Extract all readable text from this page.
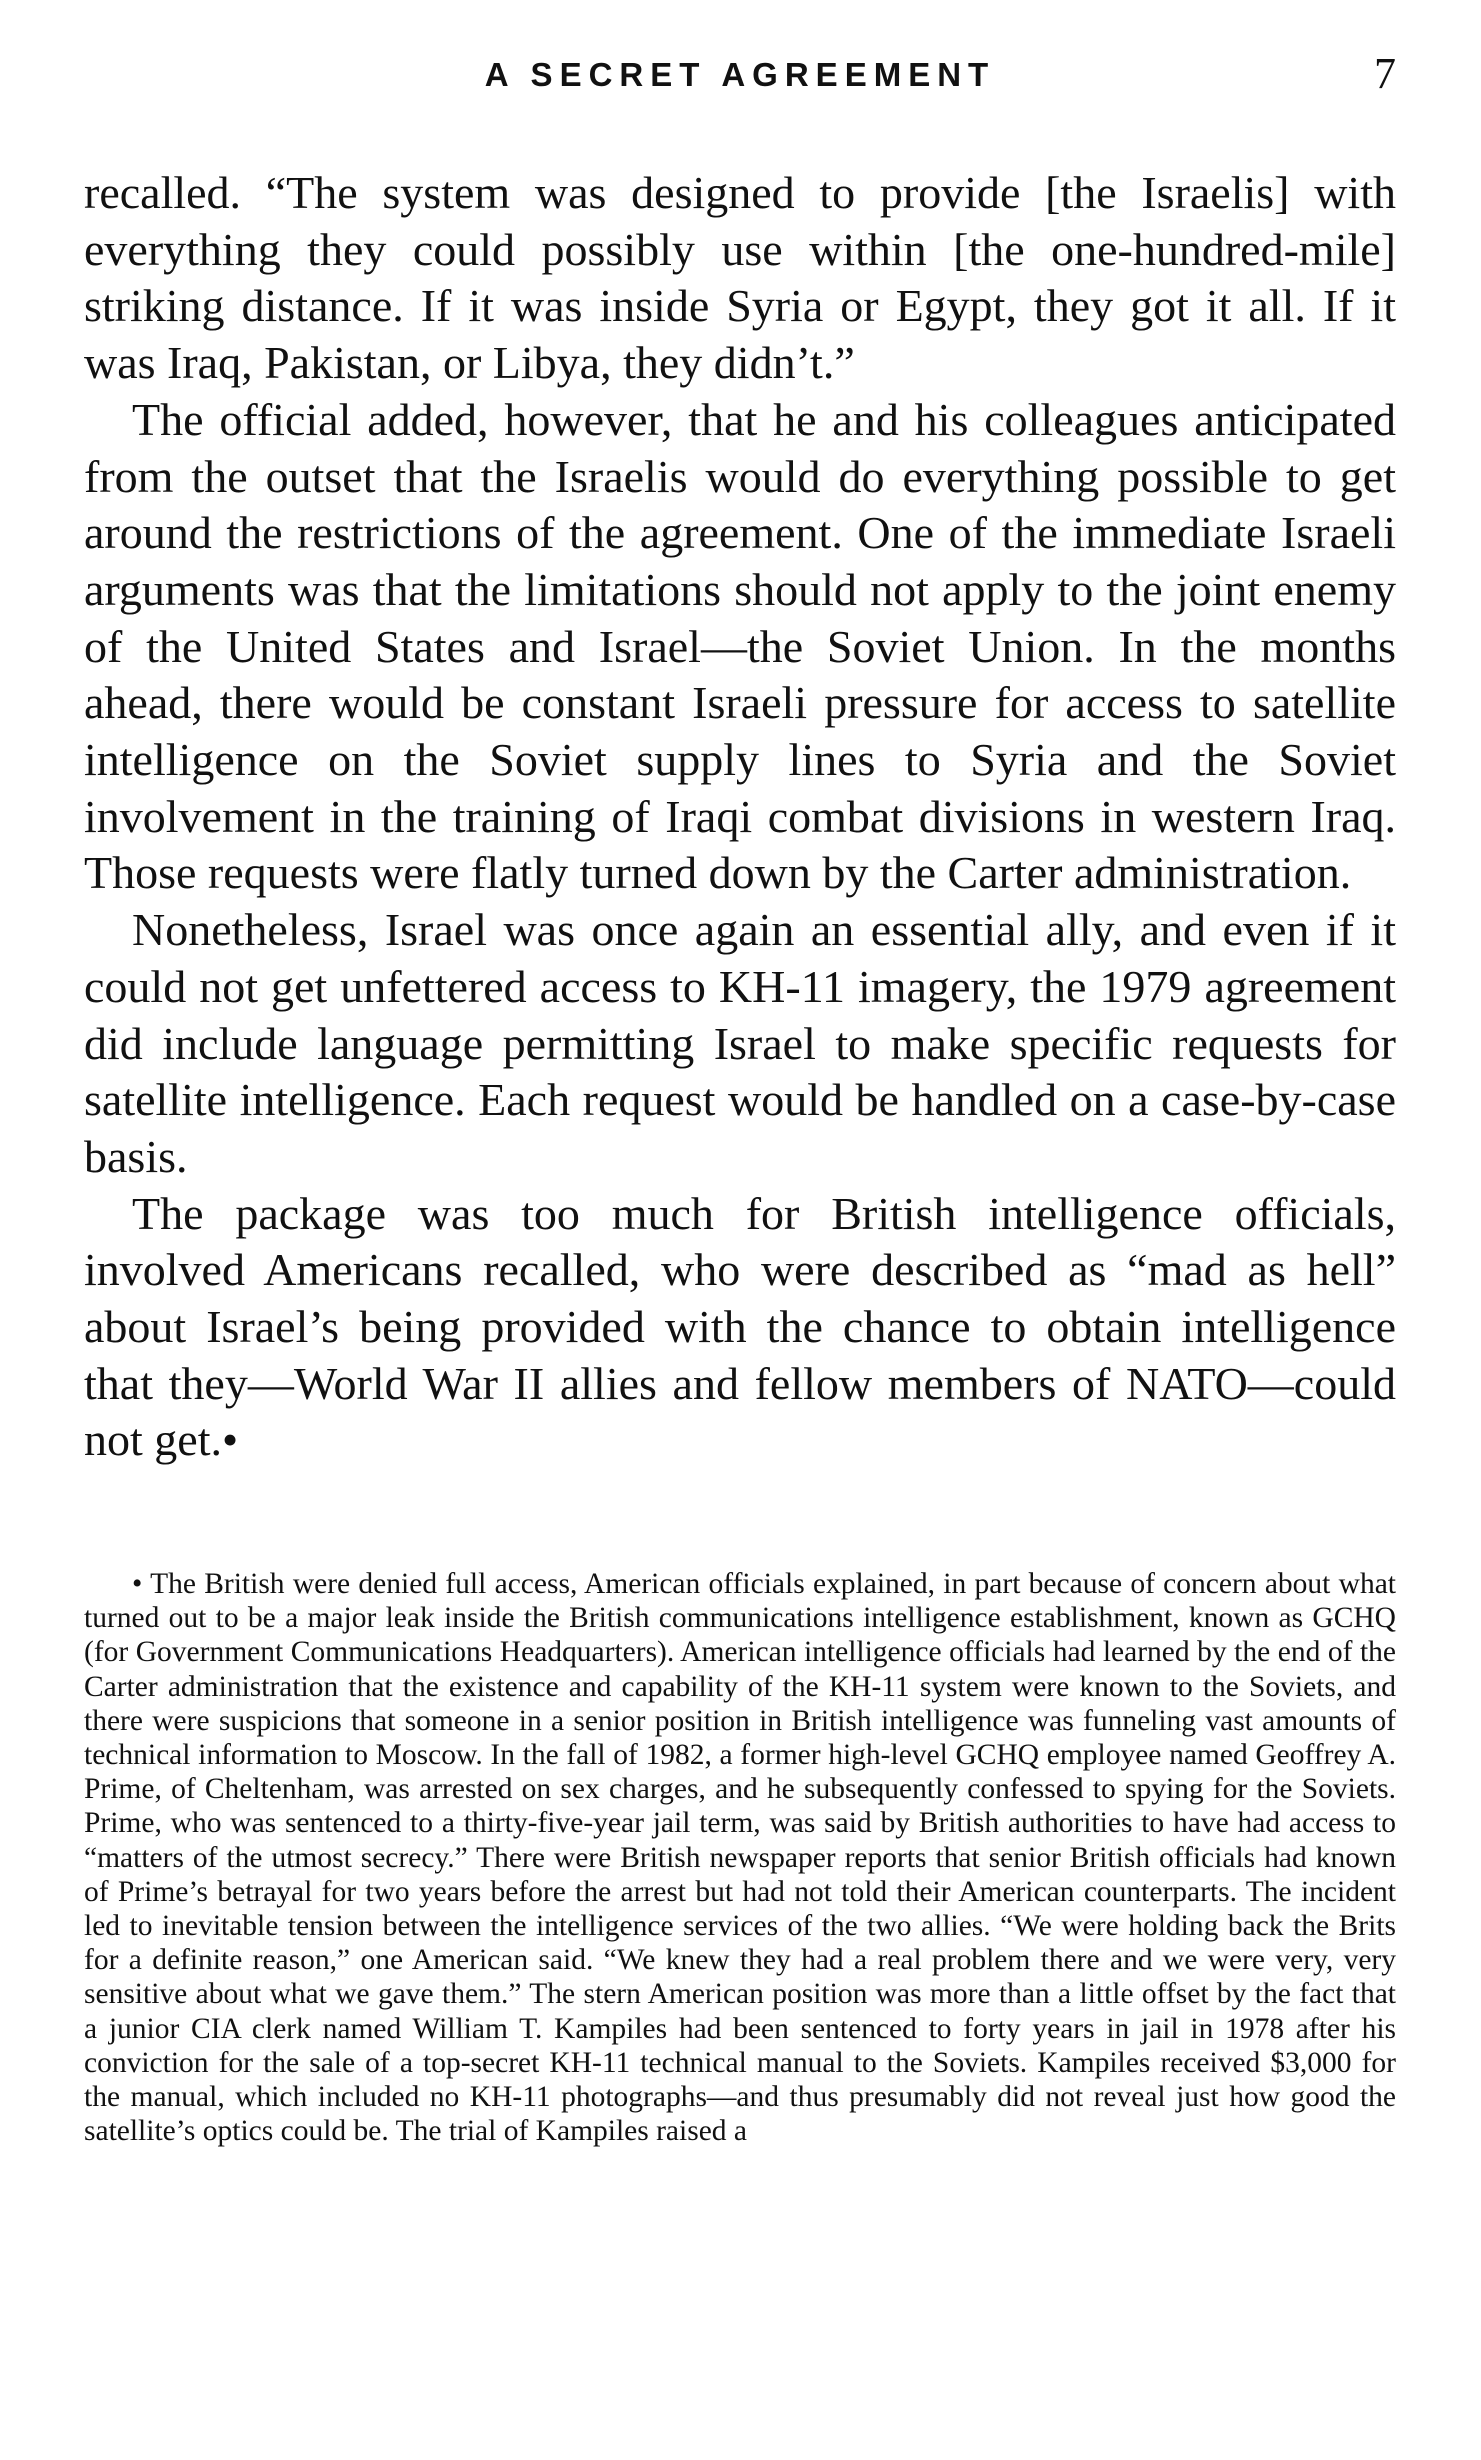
A SECRET AGREEMENT	7

recalled. “The system was designed to provide [the Israelis] with everything they could possibly use within [the one-hundred-mile] striking distance. If it was inside Syria or Egypt, they got it all. If it was Iraq, Pakistan, or Libya, they didn’t.”

The official added, however, that he and his colleagues anticipated from the outset that the Israelis would do everything possible to get around the restrictions of the agreement. One of the immediate Israeli arguments was that the limitations should not apply to the joint enemy of the United States and Israel—the Soviet Union. In the months ahead, there would be constant Israeli pressure for access to satellite intelligence on the Soviet supply lines to Syria and the Soviet involvement in the training of Iraqi combat divisions in western Iraq. Those requests were flatly turned down by the Carter administration.

Nonetheless, Israel was once again an essential ally, and even if it could not get unfettered access to KH-11 imagery, the 1979 agreement did include language permitting Israel to make specific requests for satellite intelligence. Each request would be handled on a case-by-case basis.

The package was too much for British intelligence officials, involved Americans recalled, who were described as “mad as hell” about Israel’s being provided with the chance to obtain intelligence that they—World War II allies and fellow members of NATO—could not get.•

• The British were denied full access, American officials explained, in part because of concern about what turned out to be a major leak inside the British communications intelligence establishment, known as GCHQ (for Government Communications Headquarters). American intelligence officials had learned by the end of the Carter administration that the existence and capability of the KH-11 system were known to the Soviets, and there were suspicions that someone in a senior position in British intelligence was funneling vast amounts of technical information to Moscow. In the fall of 1982, a former high-level GCHQ employee named Geoffrey A. Prime, of Cheltenham, was arrested on sex charges, and he subsequently confessed to spying for the Soviets. Prime, who was sentenced to a thirty-five-year jail term, was said by British authorities to have had access to “matters of the utmost secrecy.” There were British newspaper reports that senior British officials had known of Prime’s betrayal for two years before the arrest but had not told their American counterparts. The incident led to inevitable tension between the intelligence services of the two allies. “We were holding back the Brits for a definite reason,” one American said. “We knew they had a real problem there and we were very, very sensitive about what we gave them.” The stern American position was more than a little offset by the fact that a junior CIA clerk named William T. Kampiles had been sentenced to forty years in jail in 1978 after his conviction for the sale of a top-secret KH-11 technical manual to the Soviets. Kampiles received $3,000 for the manual, which included no KH-11 photographs—and thus presumably did not reveal just how good the satellite’s optics could be. The trial of Kampiles raised a
